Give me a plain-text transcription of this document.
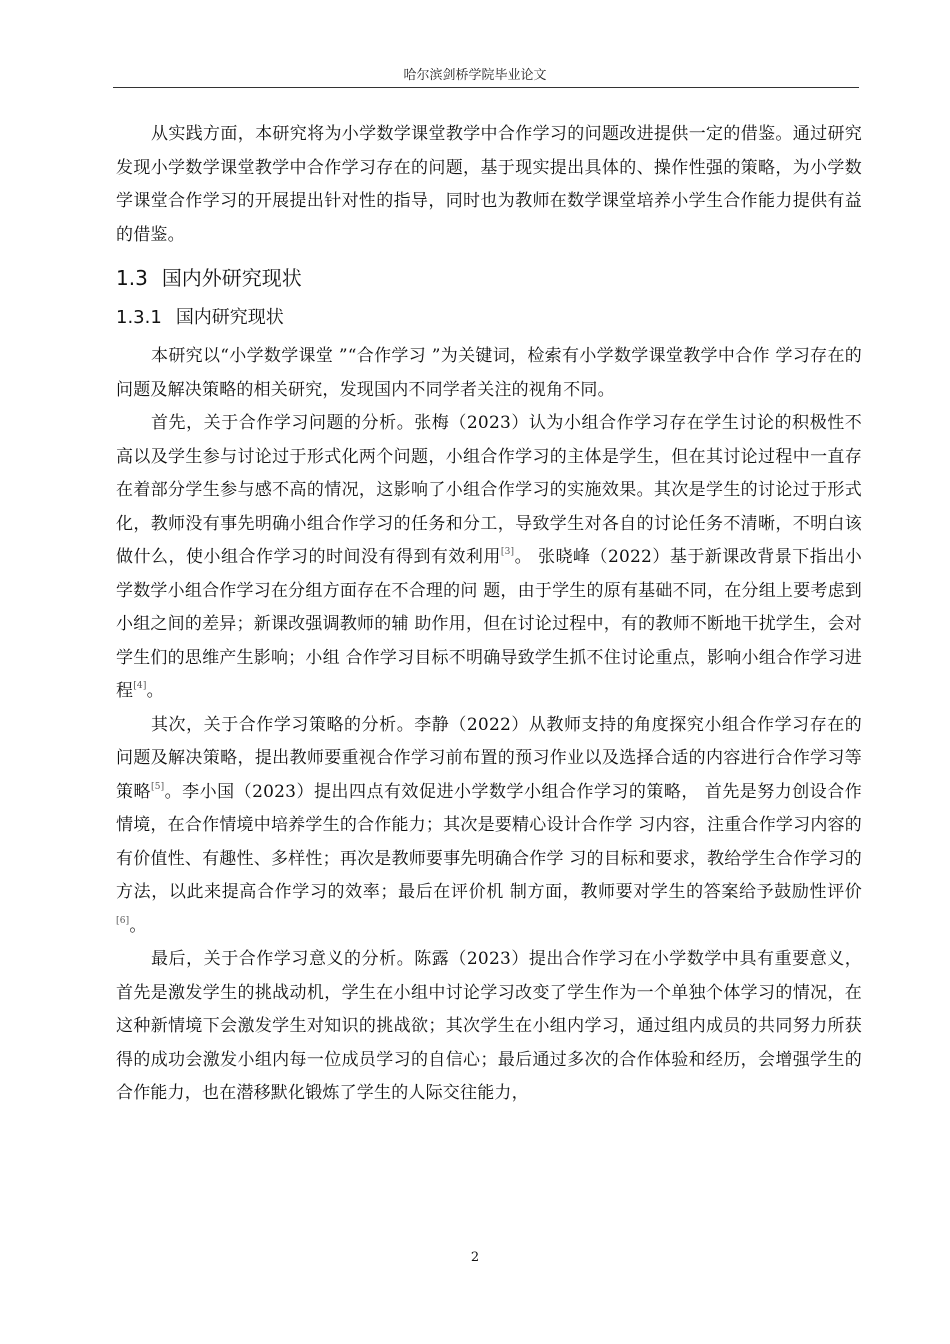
哈尔滨剑桥学院毕业论文

从实践方面，本研究将为小学数学课堂教学中合作学习的问题改进提供一定的借鉴。通过研究发现小学数学课堂教学中合作学习存在的问题，基于现实提出具体的、操作性强的策略，为小学数学课堂合作学习的开展提出针对性的指导，同时也为教师在数学课堂培养小学生合作能力提供有益的借鉴。

1.3 国内外研究现状
1.3.1 国内研究现状

本研究以“小学数学课堂 ”“合作学习 ”为关键词，检索有小学数学课堂教学中合作 学习存在的问题及解决策略的相关研究，发现国内不同学者关注的视角不同。

首先，关于合作学习问题的分析。张梅（2023）认为小组合作学习存在学生讨论的积极性不高以及学生参与讨论过于形式化两个问题，小组合作学习的主体是学生，但在其讨论过程中一直存在着部分学生参与感不高的情况，这影响了小组合作学习的实施效果。其次是学生的讨论过于形式化，教师没有事先明确小组合作学习的任务和分工，导致学生对各自的讨论任务不清晰，不明白该做什么，使小组合作学习的时间没有得到有效利用[3]。 张晓峰（2022）基于新课改背景下指出小学数学小组合作学习在分组方面存在不合理的问 题，由于学生的原有基础不同，在分组上要考虑到小组之间的差异；新课改强调教师的辅 助作用，但在讨论过程中，有的教师不断地干扰学生，会对学生们的思维产生影响；小组 合作学习目标不明确导致学生抓不住讨论重点，影响小组合作学习进程[4]。

其次，关于合作学习策略的分析。李静（2022）从教师支持的角度探究小组合作学习存在的问题及解决策略，提出教师要重视合作学习前布置的预习作业以及选择合适的内容进行合作学习等策略[5]。李小国（2023）提出四点有效促进小学数学小组合作学习的策略， 首先是努力创设合作情境，在合作情境中培养学生的合作能力；其次是要精心设计合作学 习内容，注重合作学习内容的有价值性、有趣性、多样性；再次是教师要事先明确合作学 习的目标和要求，教给学生合作学习的方法，以此来提高合作学习的效率；最后在评价机 制方面，教师要对学生的答案给予鼓励性评价[6]。

最后，关于合作学习意义的分析。陈露（2023）提出合作学习在小学数学中具有重要意义，首先是激发学生的挑战动机，学生在小组中讨论学习改变了学生作为一个单独个体学习的情况，在这种新情境下会激发学生对知识的挑战欲；其次学生在小组内学习，通过组内成员的共同努力所获得的成功会激发小组内每一位成员学习的自信心；最后通过多次的合作体验和经历，会增强学生的合作能力，也在潜移默化锻炼了学生的人际交往能力，

2
